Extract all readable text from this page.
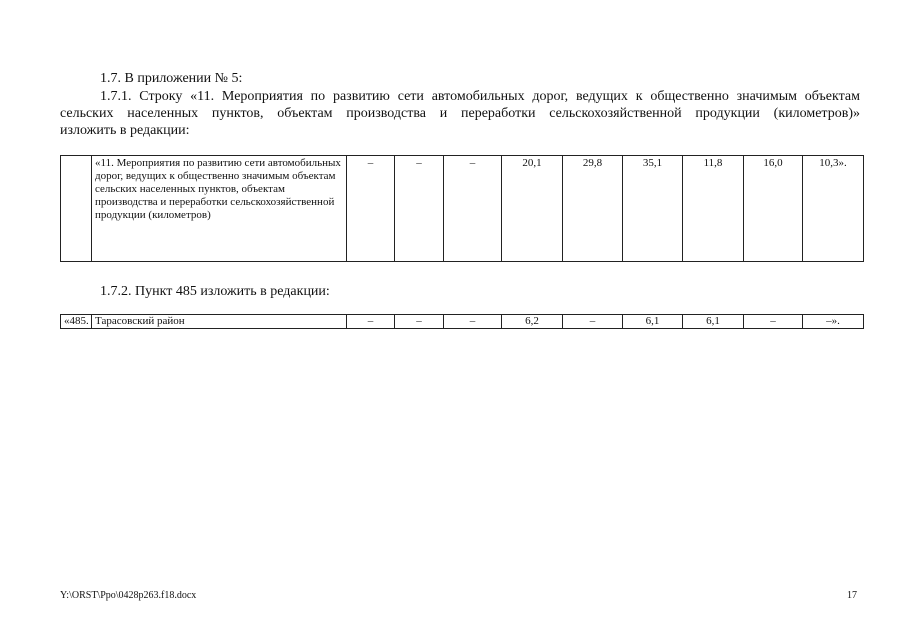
1.7. В приложении № 5:

1.7.1. Строку «11. Мероприятия по развитию сети автомобильных дорог, ведущих к общественно значимым объектам
сельских населенных пунктов, объектам производства и переработки сельскохозяйственной продукции (километров)»
изложить в редакции:

	«11. Мероприятия по развитию сети автомобильных дорог, ведущих к общественно значимым объектам сельских населенных пунктов, объектам производства и переработки сельскохозяйственной продукции (километров)	–	–	–	20,1	29,8	35,1	11,8	16,0	10,3».

1.7.2. Пункт 485 изложить в редакции:

«485.	Тарасовский район	–	–	–	6,2	–	6,1	6,1	–	–».
Y:\ORST\Ppo\0428p263.f18.docx	17
